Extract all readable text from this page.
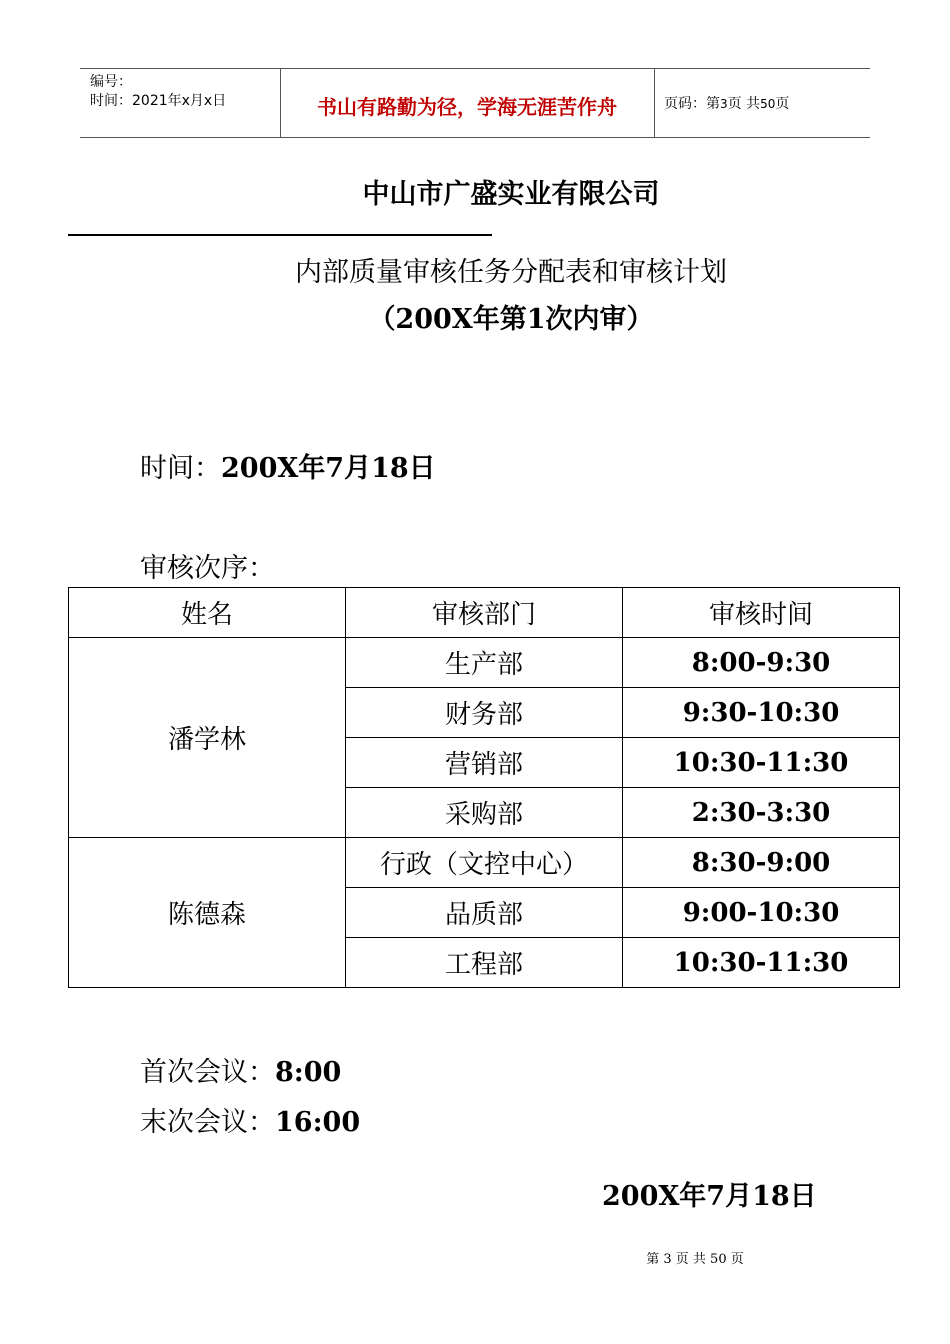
编号：
时间：2021年x月x日	书山有路勤为径，学海无涯苦作舟	页码：第3页 共50页
中山市广盛实业有限公司
内部质量审核任务分配表和审核计划
（200X年第1次内审）
时间：200X年7月18日
审核次序：
姓名	审核部门	审核时间
潘学林	生产部	8:00-9:30
	财务部	9:30-10:30
	营销部	10:30-11:30
	采购部	2:30-3:30
陈德森	行政（文控中心）	8:30-9:00
	品质部	9:00-10:30
	工程部	10:30-11:30
首次会议：8:00
末次会议：16:00
200X年7月18日
第 3 页 共 50 页
